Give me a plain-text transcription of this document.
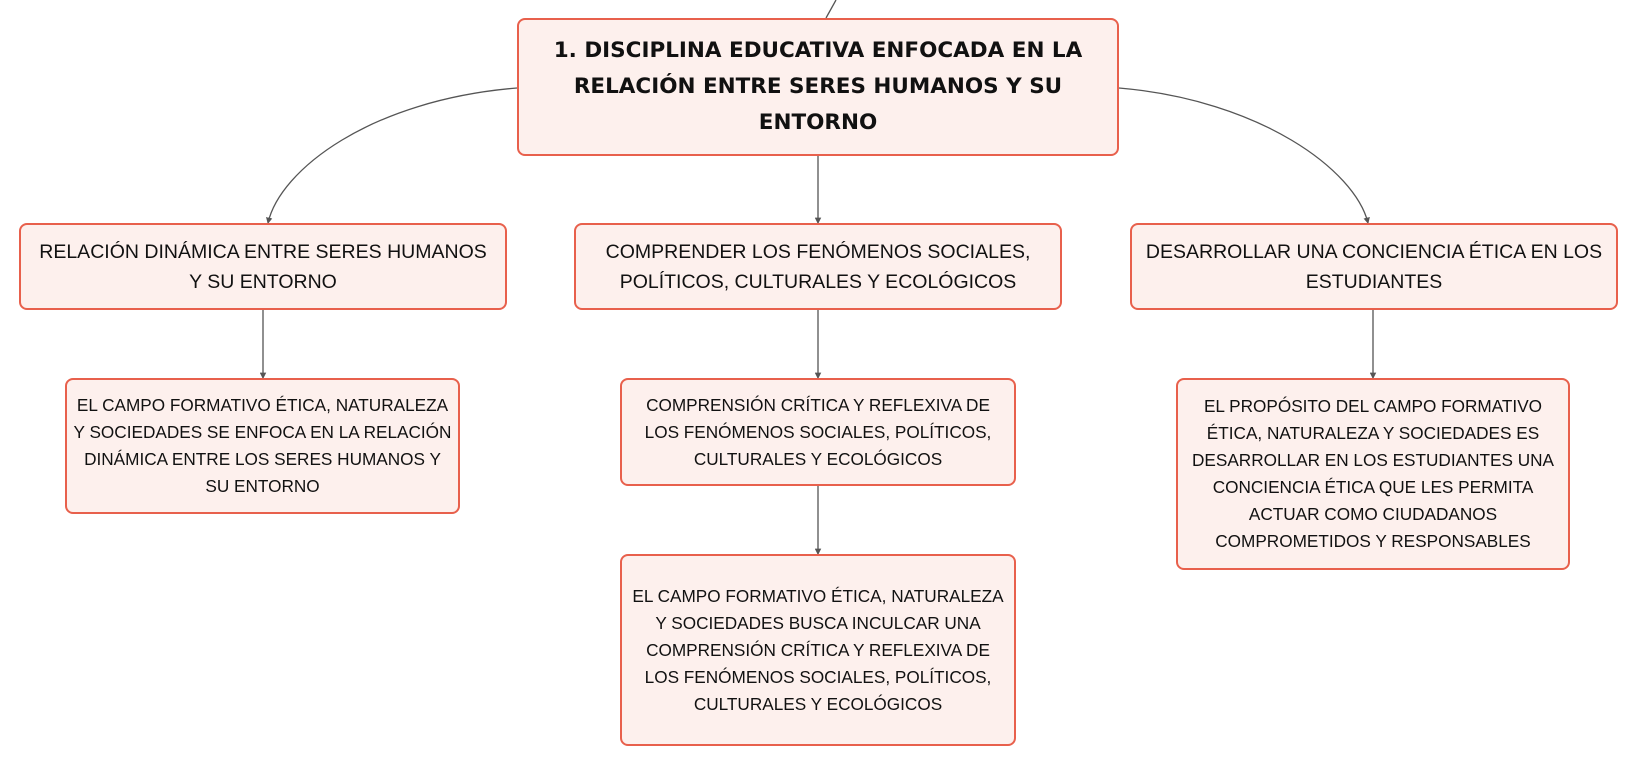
1. DISCIPLINA EDUCATIVA ENFOCADA EN LA RELACIÓN ENTRE SERES HUMANOS Y SU ENTORNO
RELACIÓN DINÁMICA ENTRE SERES HUMANOS Y SU ENTORNO
COMPRENDER LOS FENÓMENOS SOCIALES, POLÍTICOS, CULTURALES Y ECOLÓGICOS
DESARROLLAR UNA CONCIENCIA ÉTICA EN LOS ESTUDIANTES
EL CAMPO FORMATIVO ÉTICA, NATURALEZA Y SOCIEDADES SE ENFOCA EN LA RELACIÓN DINÁMICA ENTRE LOS SERES HUMANOS Y SU ENTORNO
COMPRENSIÓN CRÍTICA Y REFLEXIVA DE LOS FENÓMENOS SOCIALES, POLÍTICOS, CULTURALES Y ECOLÓGICOS
EL CAMPO FORMATIVO ÉTICA, NATURALEZA Y SOCIEDADES BUSCA INCULCAR UNA COMPRENSIÓN CRÍTICA Y REFLEXIVA DE LOS FENÓMENOS SOCIALES, POLÍTICOS, CULTURALES Y ECOLÓGICOS
EL PROPÓSITO DEL CAMPO FORMATIVO ÉTICA, NATURALEZA Y SOCIEDADES ES DESARROLLAR EN LOS ESTUDIANTES UNA CONCIENCIA ÉTICA QUE LES PERMITA ACTUAR COMO CIUDADANOS COMPROMETIDOS Y RESPONSABLES
